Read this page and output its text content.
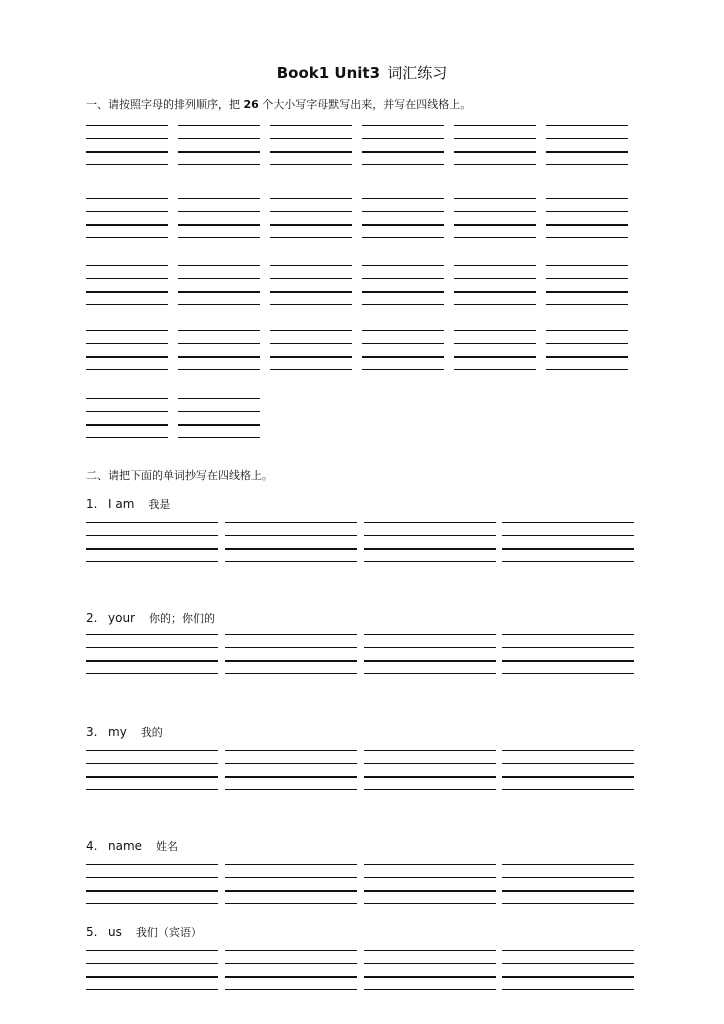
Book1 Unit3 词汇练习
一、请按照字母的排列顺序，把 26 个大小写字母默写出来，并写在四线格上。
二、请把下面的单词抄写在四线格上。
1. I am 我是
2. your 你的；你们的
3. my 我的
4. name 姓名
5. us 我们（宾语）
